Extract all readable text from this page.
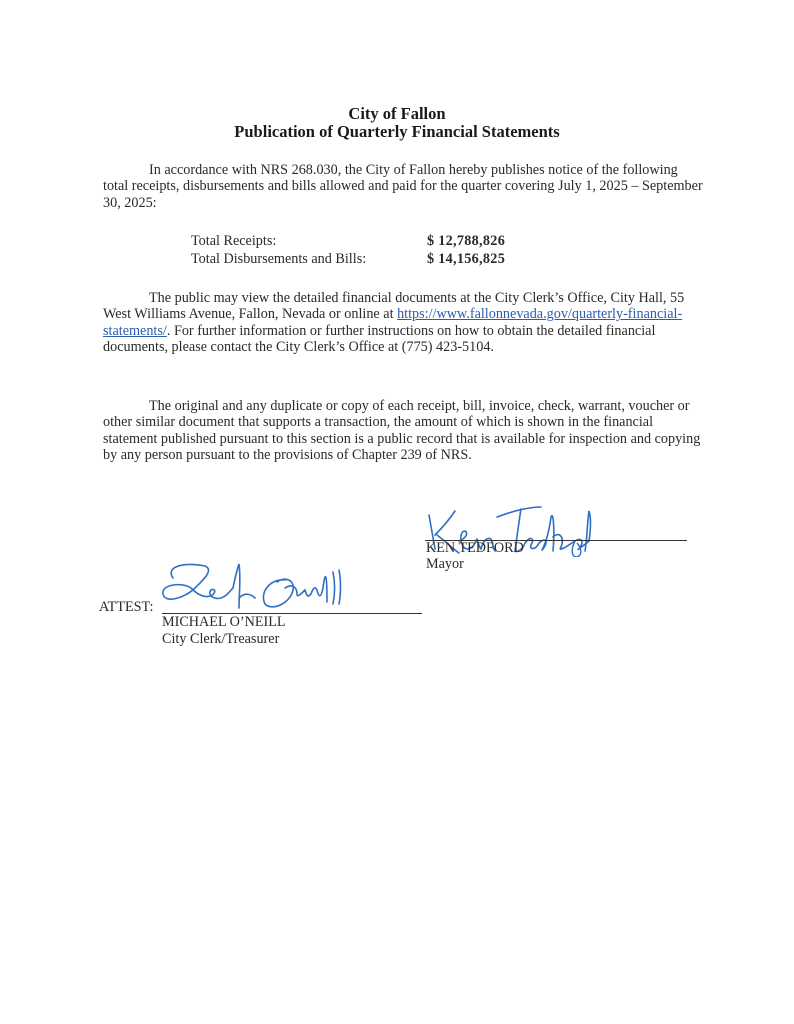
City of Fallon
Publication of Quarterly Financial Statements
In accordance with NRS 268.030, the City of Fallon hereby publishes notice of the following total receipts, disbursements and bills allowed and paid for the quarter covering July 1, 2025 – September 30, 2025:
Total Receipts:	$ 12,788,826
Total Disbursements and Bills:	$ 14,156,825
The public may view the detailed financial documents at the City Clerk’s Office, City Hall, 55 West Williams Avenue, Fallon, Nevada or online at https://www.fallonnevada.gov/quarterly-financial-statements/. For further information or further instructions on how to obtain the detailed financial documents, please contact the City Clerk’s Office at (775) 423-5104.
The original and any duplicate or copy of each receipt, bill, invoice, check, warrant, voucher or other similar document that supports a transaction, the amount of which is shown in the financial statement published pursuant to this section is a public record that is available for inspection and copying by any person pursuant to the provisions of Chapter 239 of NRS.
KEN TEDFORD
Mayor
ATTEST:
MICHAEL O’NEILL
City Clerk/Treasurer
